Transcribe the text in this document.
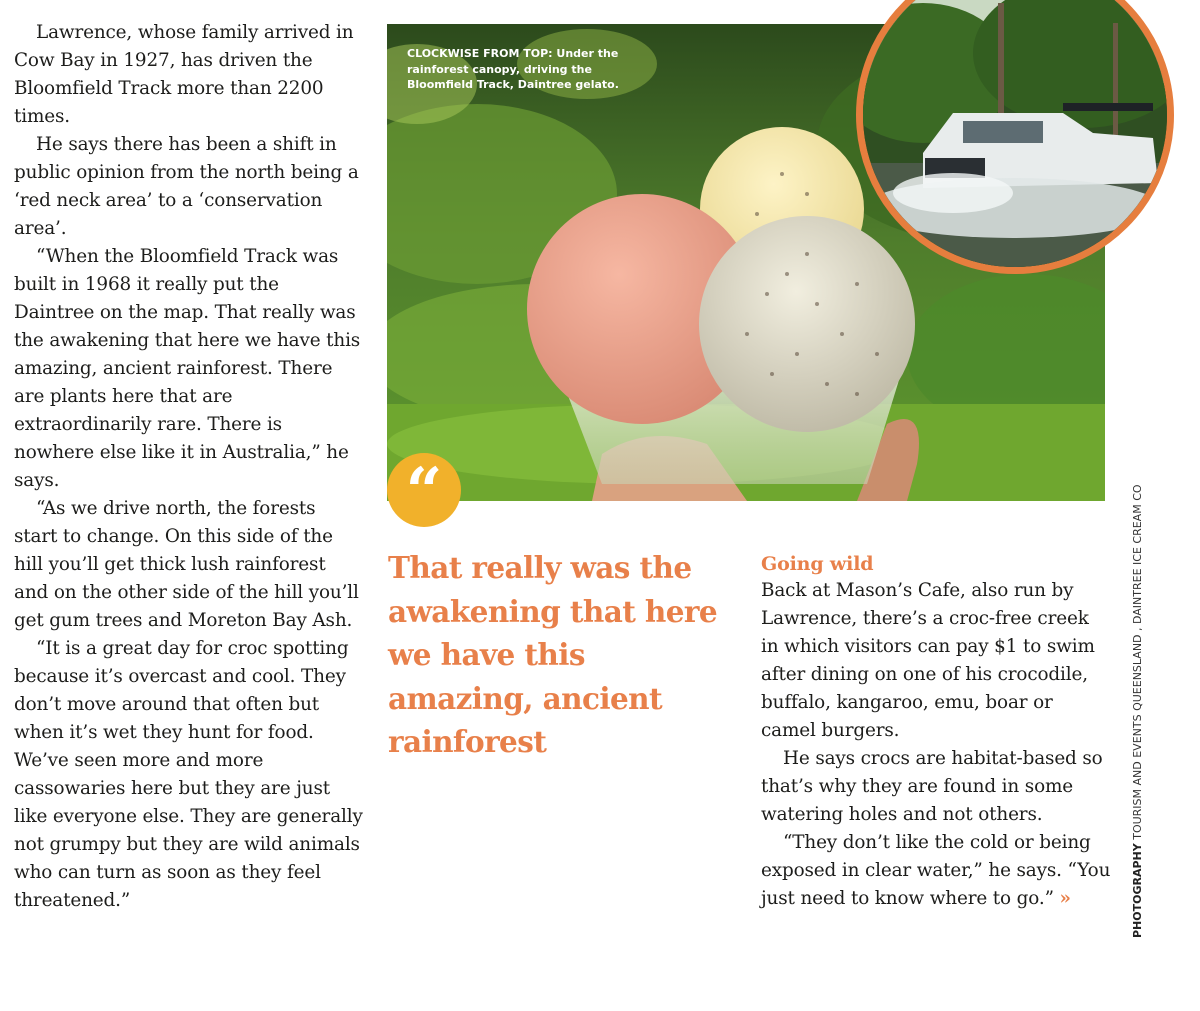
Lawrence, whose family arrived in Cow Bay in 1927, has driven the Bloomfield Track more than 2200 times.

He says there has been a shift in public opinion from the north being a ‘red neck area’ to a ‘conservation area’.

“When the Bloomfield Track was built in 1968 it really put the Daintree on the map. That really was the awakening that here we have this amazing, ancient rainforest. There are plants here that are extraordinarily rare. There is nowhere else like it in Australia,” he says.

“As we drive north, the forests start to change. On this side of the hill you’ll get thick lush rainforest and on the other side of the hill you’ll get gum trees and Moreton Bay Ash.

“It is a great day for croc spotting because it’s overcast and cool. They don’t move around that often but when it’s wet they hunt for food. We’ve seen more and more cassowaries here but they are just like everyone else. They are generally not grumpy but they are wild animals who can turn as soon as they feel threatened.”

CLOCKWISE FROM TOP: Under the rainforest canopy, driving the Bloomfield Track, Daintree gelato.
“
That really was the awakening that here we have this amazing, ancient rainforest

Going wild

Back at Mason’s Cafe, also run by Lawrence, there’s a croc-free creek in which visitors can pay $1 to swim after dining on one of his crocodile, buffalo, kangaroo, emu, boar or camel burgers.

He says crocs are habitat-based so that’s why they are found in some watering holes and not others.

“They don’t like the cold or being exposed in clear water,” he says. “You just need to know where to go.” »	PHOTOGRAPHY TOURISM AND EVENTS QUEENSLAND , DAINTREE ICE CREAM CO
